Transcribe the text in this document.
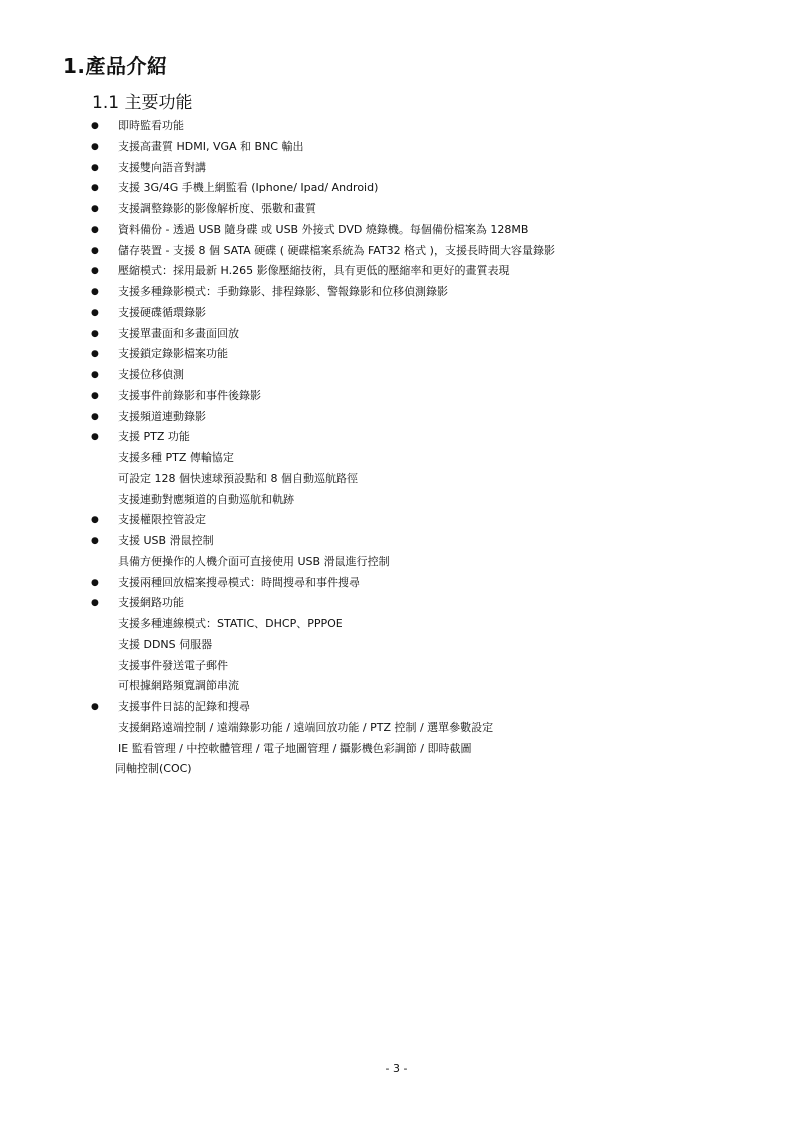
1.產品介紹
1.1 主要功能
● 即時監看功能
● 支援高畫質 HDMI, VGA 和 BNC 輸出
● 支援雙向語音對講
● 支援 3G/4G 手機上網監看 (Iphone/ Ipad/ Android)
● 支援調整錄影的影像解析度、張數和畫質
● 資料備份 - 透過 USB 隨身碟 或 USB 外接式 DVD 燒錄機。每個備份檔案為 128MB
● 儲存裝置 - 支援 8 個 SATA 硬碟 ( 硬碟檔案系統為 FAT32 格式 )，支援長時間大容量錄影
● 壓縮模式：採用最新 H.265 影像壓縮技術，具有更低的壓縮率和更好的畫質表現
● 支援多種錄影模式：手動錄影、排程錄影、警報錄影和位移偵測錄影
● 支援硬碟循環錄影
● 支援單畫面和多畫面回放
● 支援鎖定錄影檔案功能
● 支援位移偵測
● 支援事件前錄影和事件後錄影
● 支援頻道連動錄影
● 支援 PTZ 功能
支援多種 PTZ 傳輸協定
可設定 128 個快速球預設點和 8 個自動巡航路徑
支援連動對應頻道的自動巡航和軌跡
● 支援權限控管設定
● 支援 USB 滑鼠控制
具備方便操作的人機介面可直接使用 USB 滑鼠進行控制
● 支援兩種回放檔案搜尋模式：時間搜尋和事件搜尋
● 支援網路功能
支援多種連線模式：STATIC、DHCP、PPPOE
支援 DDNS 伺服器
支援事件發送電子郵件
可根據網路頻寬調節串流
● 支援事件日誌的記錄和搜尋
支援網路遠端控制 / 遠端錄影功能 / 遠端回放功能 / PTZ 控制 / 選單參數設定
IE 監看管理 / 中控軟體管理 / 電子地圖管理 / 攝影機色彩調節 / 即時截圖
同軸控制(COC)
- 3 -
